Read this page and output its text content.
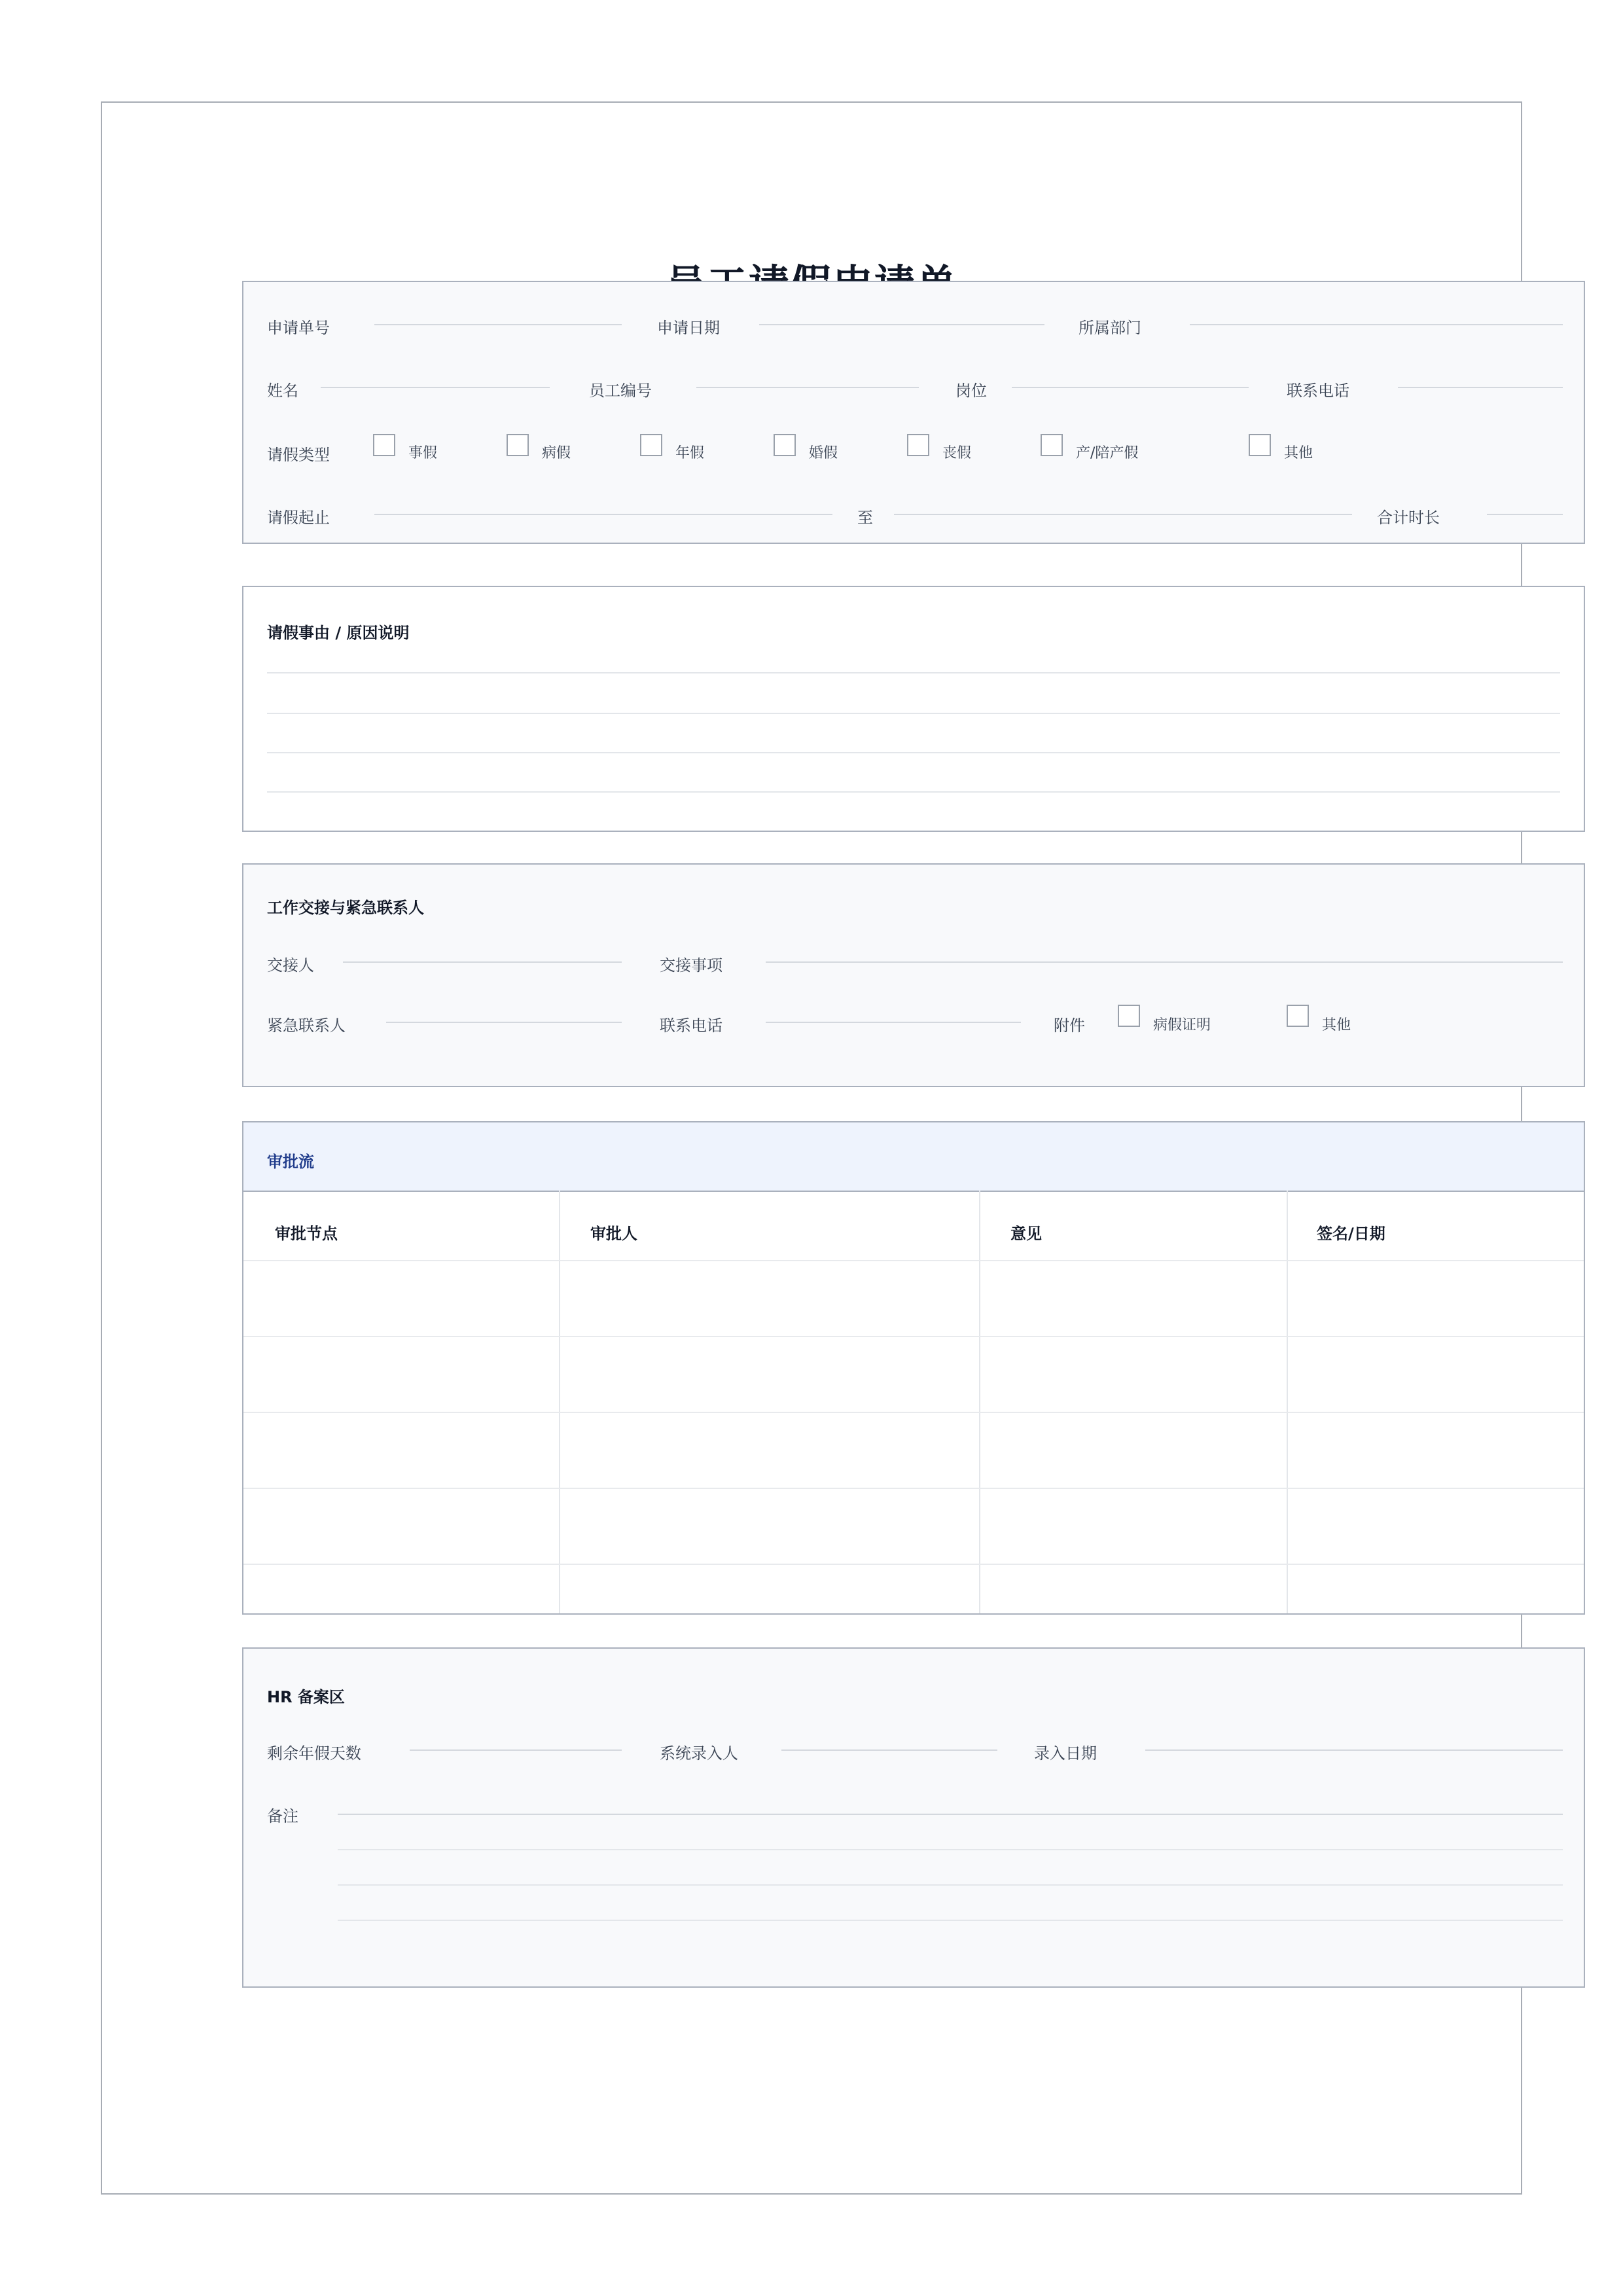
申请单号	申请日期	所属部门
姓名	员工编号	岗位	联系电话
请假类型	事假	病假	年假	婚假	丧假	产/陪产假	其他
请假起止	至	合计时长
请假事由 / 原因说明
工作交接与紧急联系人
交接人	交接事项
紧急联系人	联系电话	附件	病假证明	其他
审批流
审批节点	审批人	意见	签名/日期
HR 备案区
剩余年假天数	系统录入人	录入日期
备注
